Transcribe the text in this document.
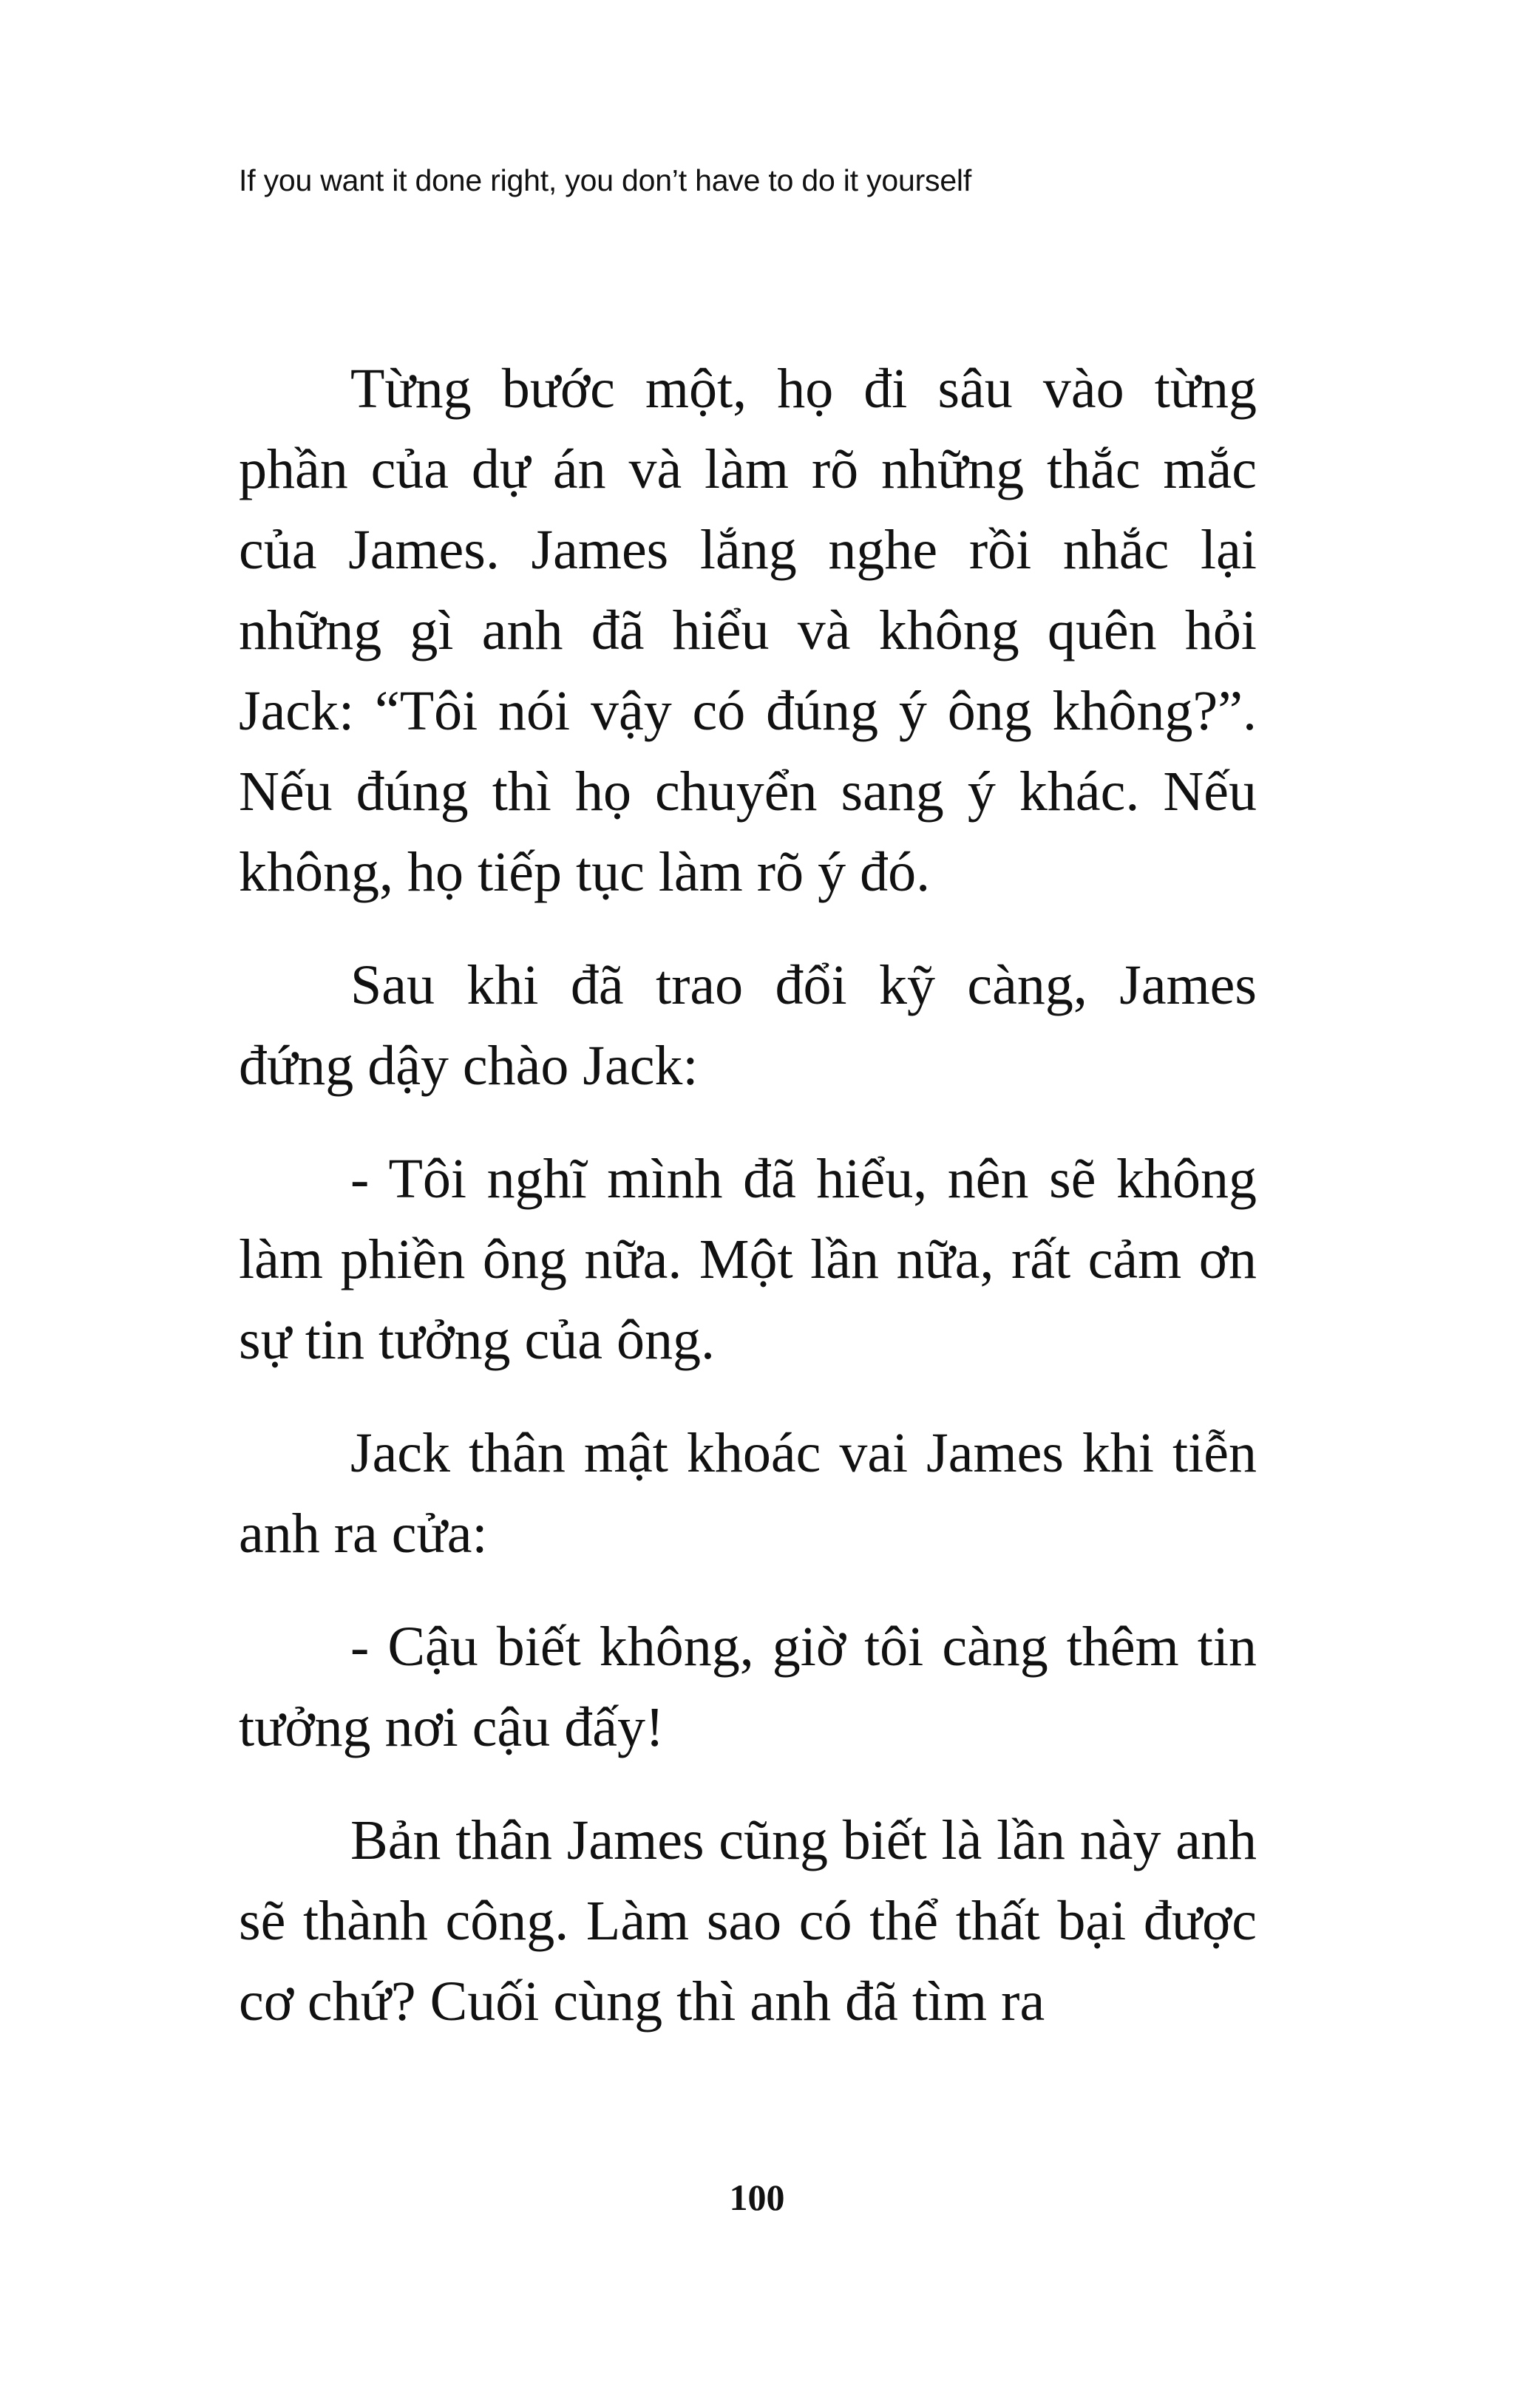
If you want it done right, you don’t have to do it yourself

Từng bước một, họ đi sâu vào từng phần của dự án và làm rõ những thắc mắc của James. James lắng nghe rồi nhắc lại những gì anh đã hiểu và không quên hỏi Jack: “Tôi nói vậy có đúng ý ông không?”. Nếu đúng thì họ chuyển sang ý khác. Nếu không, họ tiếp tục làm rõ ý đó.

Sau khi đã trao đổi kỹ càng, James đứng dậy chào Jack:

- Tôi nghĩ mình đã hiểu, nên sẽ không làm phiền ông nữa. Một lần nữa, rất cảm ơn sự tin tưởng của ông.

Jack thân mật khoác vai James khi tiễn anh ra cửa:

- Cậu biết không, giờ tôi càng thêm tin tưởng nơi cậu đấy!

Bản thân James cũng biết là lần này anh sẽ thành công. Làm sao có thể thất bại được cơ chứ? Cuối cùng thì anh đã tìm ra

100
